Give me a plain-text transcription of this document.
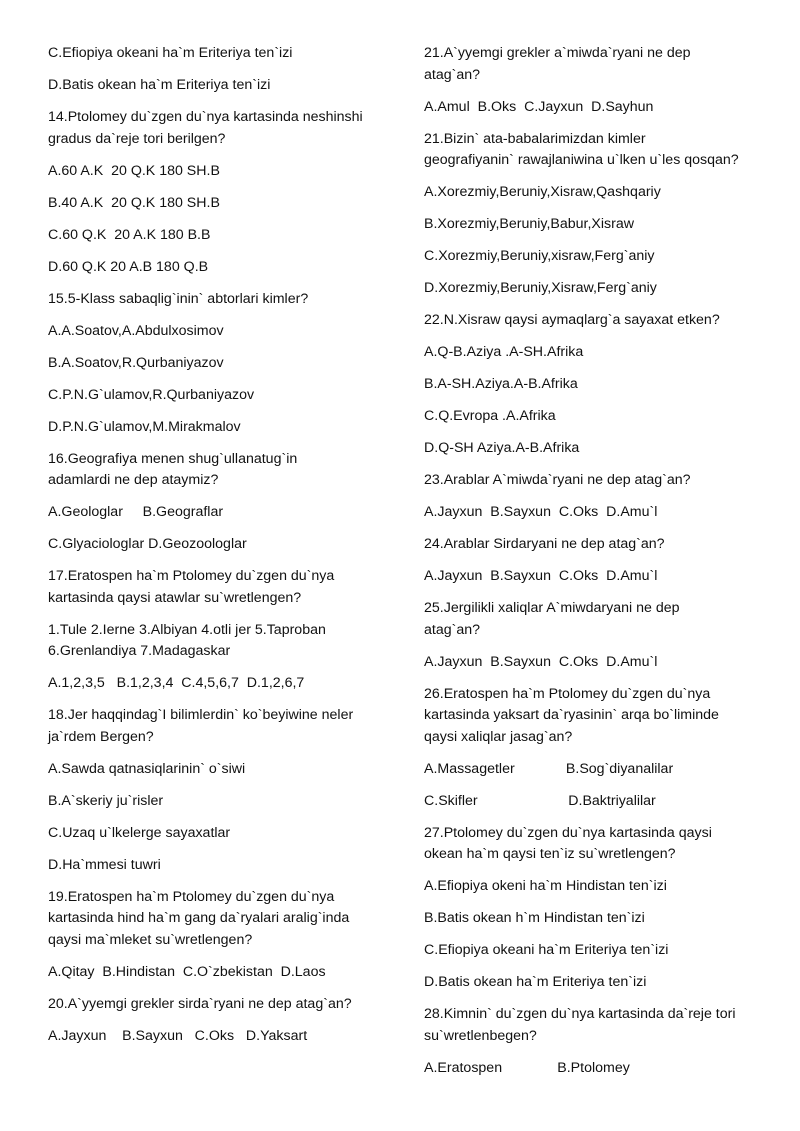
C.Efiopiya okeani ha`m Eriteriya ten`izi

D.Batis okean ha`m Eriteriya ten`izi

14.Ptolomey du`zgen du`nya kartasinda neshinshi

gradus da`reje tori berilgen?

A.60 A.K  20 Q.K 180 SH.B

B.40 A.K  20 Q.K 180 SH.B

C.60 Q.K  20 A.K 180 B.B

D.60 Q.K 20 A.B 180 Q.B

15.5-Klass sabaqlig`inin` abtorlari kimler?

A.A.Soatov,A.Abdulxosimov

B.A.Soatov,R.Qurbaniyazov

C.P.N.G`ulamov,R.Qurbaniyazov

D.P.N.G`ulamov,M.Mirakmalov

16.Geografiya menen shug`ullanatug`in

adamlardi ne dep ataymiz?

A.Geologlar     B.Geograflar

C.Glyaciologlar D.Geozoologlar

17.Eratospen ha`m Ptolomey du`zgen du`nya

kartasinda qaysi atawlar su`wretlengen?

1.Tule 2.Ierne 3.Albiyan 4.otli jer 5.Taproban

6.Grenlandiya 7.Madagaskar

A.1,2,3,5   B.1,2,3,4  C.4,5,6,7  D.1,2,6,7

18.Jer haqqindag`I bilimlerdin` ko`beyiwine neler

ja`rdem Bergen?

A.Sawda qatnasiqlarinin` o`siwi

B.A`skeriy ju`risler

C.Uzaq u`lkelerge sayaxatlar

D.Ha`mmesi tuwri

19.Eratospen ha`m Ptolomey du`zgen du`nya

kartasinda hind ha`m gang da`ryalari aralig`inda

qaysi ma`mleket su`wretlengen?

A.Qitay  B.Hindistan  C.O`zbekistan  D.Laos

20.A`yyemgi grekler sirda`ryani ne dep atag`an?

A.Jayxun    B.Sayxun   C.Oks   D.Yaksart

21.A`yyemgi grekler a`miwda`ryani ne dep

atag`an?

A.Amul  B.Oks  C.Jayxun  D.Sayhun

21.Bizin` ata-babalarimizdan kimler

geografiyanin` rawajlaniwina u`lken u`les qosqan?

A.Xorezmiy,Beruniy,Xisraw,Qashqariy

B.Xorezmiy,Beruniy,Babur,Xisraw

C.Xorezmiy,Beruniy,xisraw,Ferg`aniy

D.Xorezmiy,Beruniy,Xisraw,Ferg`aniy

22.N.Xisraw qaysi aymaqlarg`a sayaxat etken?

A.Q-B.Aziya .A-SH.Afrika

B.A-SH.Aziya.A-B.Afrika

C.Q.Evropa .A.Afrika

D.Q-SH Aziya.A-B.Afrika

23.Arablar A`miwda`ryani ne dep atag`an?

A.Jayxun  B.Sayxun  C.Oks  D.Amu`l

24.Arablar Sirdaryani ne dep atag`an?

A.Jayxun  B.Sayxun  C.Oks  D.Amu`l

25.Jergilikli xaliqlar A`miwdaryani ne dep

atag`an?

A.Jayxun  B.Sayxun  C.Oks  D.Amu`l

26.Eratospen ha`m Ptolomey du`zgen du`nya

kartasinda yaksart da`ryasinin` arqa bo`liminde

qaysi xaliqlar jasag`an?

A.Massagetler             B.Sog`diyanalilar

C.Skifler                       D.Baktriyalilar

27.Ptolomey du`zgen du`nya kartasinda qaysi

okean ha`m qaysi ten`iz su`wretlengen?

A.Efiopiya okeni ha`m Hindistan ten`izi

B.Batis okean h`m Hindistan ten`izi

C.Efiopiya okeani ha`m Eriteriya ten`izi

D.Batis okean ha`m Eriteriya ten`izi

28.Kimnin` du`zgen du`nya kartasinda da`reje tori

su`wretlenbegen?

A.Eratospen              B.Ptolomey
